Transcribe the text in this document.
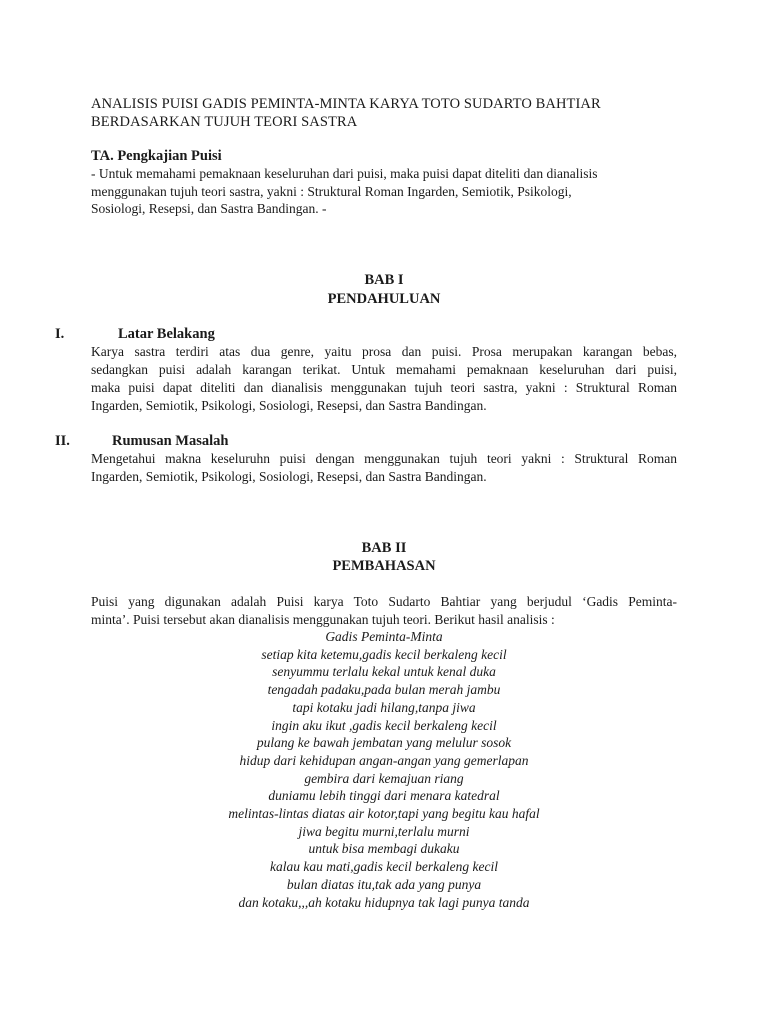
ANALISIS PUISI GADIS PEMINTA-MINTA KARYA TOTO SUDARTO BAHTIAR
BERDASARKAN TUJUH TEORI SASTRA
TA. Pengkajian Puisi
- Untuk memahami pemaknaan keseluruhan dari puisi, maka puisi dapat diteliti dan dianalisis
menggunakan tujuh teori sastra, yakni : Struktural Roman Ingarden, Semiotik, Psikologi,
Sosiologi, Resepsi, dan Sastra Bandingan. -
BAB I
PENDAHULUAN
I.	Latar Belakang
Karya sastra terdiri atas dua genre, yaitu prosa dan puisi. Prosa merupakan karangan bebas,
sedangkan puisi adalah karangan terikat. Untuk memahami pemaknaan keseluruhan dari puisi,
maka puisi dapat diteliti dan dianalisis menggunakan tujuh teori sastra, yakni : Struktural Roman
Ingarden, Semiotik, Psikologi, Sosiologi, Resepsi, dan Sastra Bandingan.
II.	Rumusan Masalah
Mengetahui makna keseluruhn puisi dengan menggunakan tujuh teori yakni : Struktural Roman
Ingarden, Semiotik, Psikologi, Sosiologi, Resepsi, dan Sastra Bandingan.
BAB II
PEMBAHASAN
Puisi yang digunakan adalah Puisi karya Toto Sudarto Bahtiar yang berjudul ‘Gadis Peminta-
minta’. Puisi tersebut akan dianalisis menggunakan tujuh teori. Berikut hasil analisis :
Gadis Peminta-Minta
setiap kita ketemu,gadis kecil berkaleng kecil
senyummu terlalu kekal untuk kenal duka
tengadah padaku,pada bulan merah jambu
tapi kotaku jadi hilang,tanpa jiwa
ingin aku ikut ,gadis kecil berkaleng kecil
pulang ke bawah jembatan yang melulur sosok
hidup dari kehidupan angan-angan yang gemerlapan
gembira dari kemajuan riang
duniamu lebih tinggi dari menara katedral
melintas-lintas diatas air kotor,tapi yang begitu kau hafal
jiwa begitu murni,terlalu murni
untuk bisa membagi dukaku
kalau kau mati,gadis kecil berkaleng kecil
bulan diatas itu,tak ada yang punya
dan kotaku,,,ah kotaku hidupnya tak lagi punya tanda
